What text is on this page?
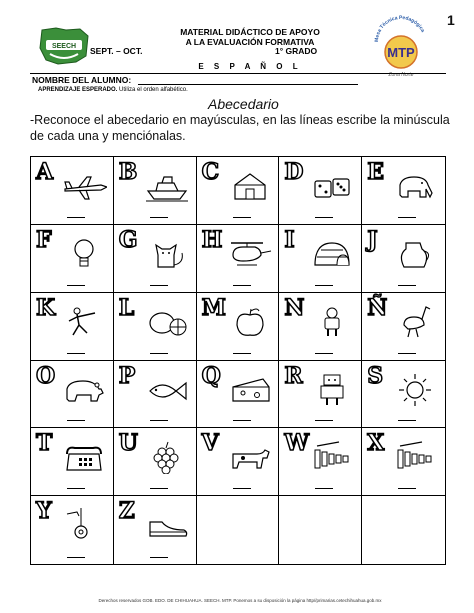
1
SEECH
Mesa Técnica Pedagógica
MTP
Zona Norte
MATERIAL DIDÁCTICO DE APOYO
A LA EVALUACIÓN FORMATIVA
SEPT. – OCT.	1° GRADO
E S P A Ñ O L
NOMBRE DEL ALUMNO:
APRENDIZAJE ESPERADO. Utiliza el orden alfabético.
Abecedario
-Reconoce el abecedario en mayúsculas, en las líneas escribe la minúscula de cada una y menciónalas.
A	B	C	D	E
F	G	H	I	J
K	L	M	N	Ñ
O	P	Q	R	S
T	U	V	W	X
Y	Z
Derechos reservados GOB. EDO. DE CHIHUAHUA. SEECH. MTP. Ponemos a su disposición la página http//primarias.cetechihuahua.gob.mx
